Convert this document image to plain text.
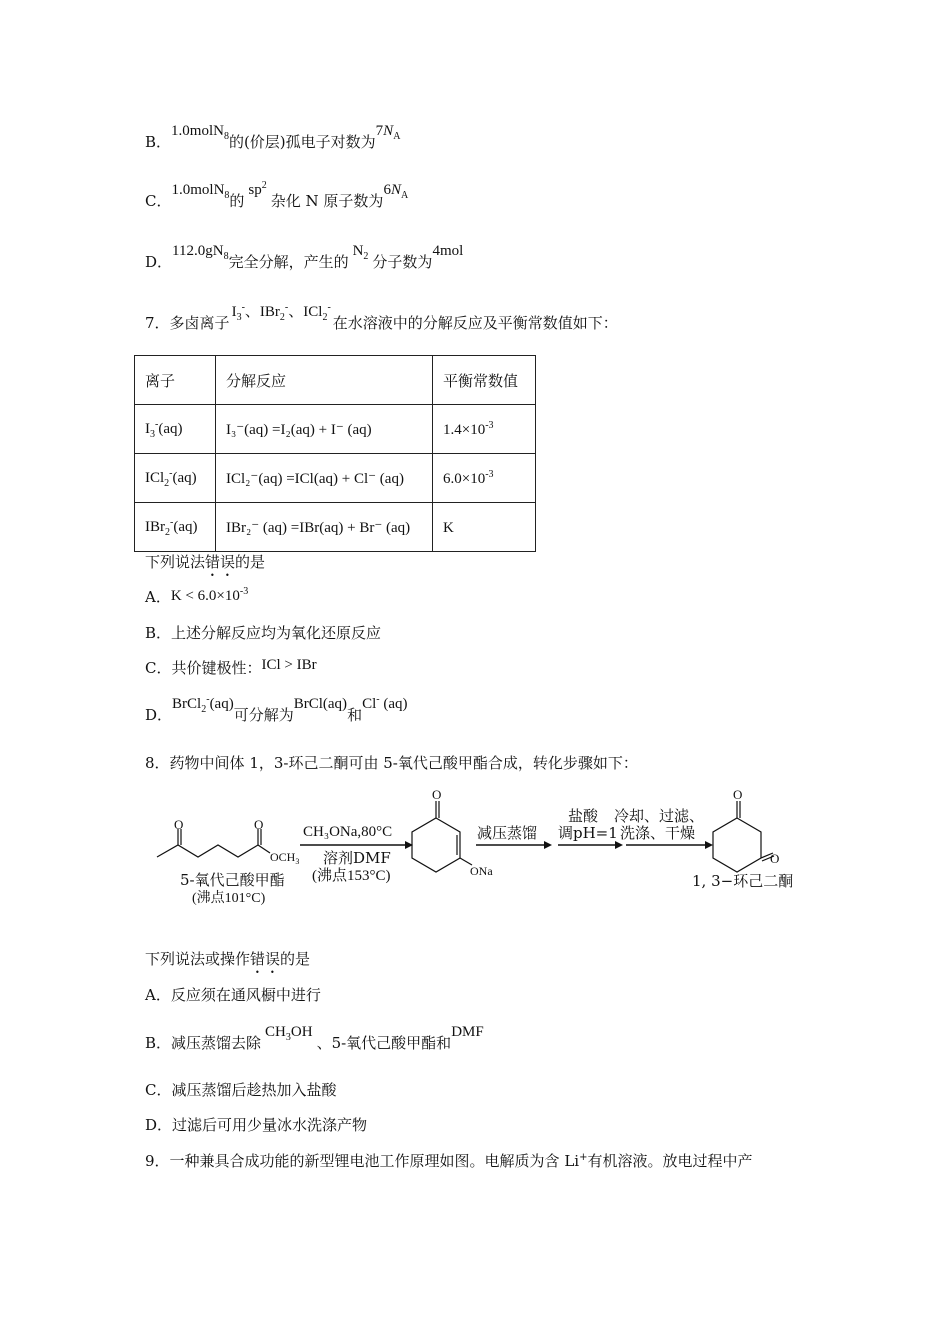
B．1.0molN$_8$的(价层)孤电子对数为$7N_A$
C．1.0molN$_8$的$sp^2$杂化 N 原子数为$6N_A$
D．$112.0gN_8$完全分解，产生的$N_2$ 分子数为4mol
7．多卤离子$I_3^-$、IBr$_2$-、ICl$_2$-在水溶液中的分解反应及平衡常数值如下：
离子	分解反应	平衡常数值
$I_3^-(aq)$	I₃⁻(aq) =I₂(aq) + I⁻ (aq)	$1.4\times 10^{-3}$
ICl$_2$-(aq)	ICl₂⁻(aq) =ICl(aq) + Cl⁻ (aq)	$6.0\times 10^{-3}$
IBr$_2$-(aq)	IBr₂⁻ (aq) =IBr(aq) + Br⁻ (aq)	K
下列说法错误的是
A．$K < 6.0\times 10^{-3}$
B．上述分解反应均为氧化还原反应
C．共价键极性：ICl > IBr
D．BrCl$_2$-(aq)可分解为BrCl(aq)和Cl- (aq)
8．药物中间体 1，3-环己二酮可由 5-氧代己酸甲酯合成，转化步骤如下：
O	O
$OCH_3$
5-氧代己酸甲酯
(沸点101°C)
CH₃ONa,80°C
溶剂DMF
(沸点153°C)
O
ONa
减压蒸馏
盐酸
调pH=1
冷却、过滤、
洗涤、干燥
O
O
1, 3−环己二酮
下列说法或操作错误的是
A．反应须在通风橱中进行
B．减压蒸馏去除$CH_3OH$、5-氧代己酸甲酯和DMF
C．减压蒸馏后趁热加入盐酸
D．过滤后可用少量冰水洗涤产物
9．一种兼具合成功能的新型锂电池工作原理如图。电解质为含 Li+有机溶液。放电过程中产
